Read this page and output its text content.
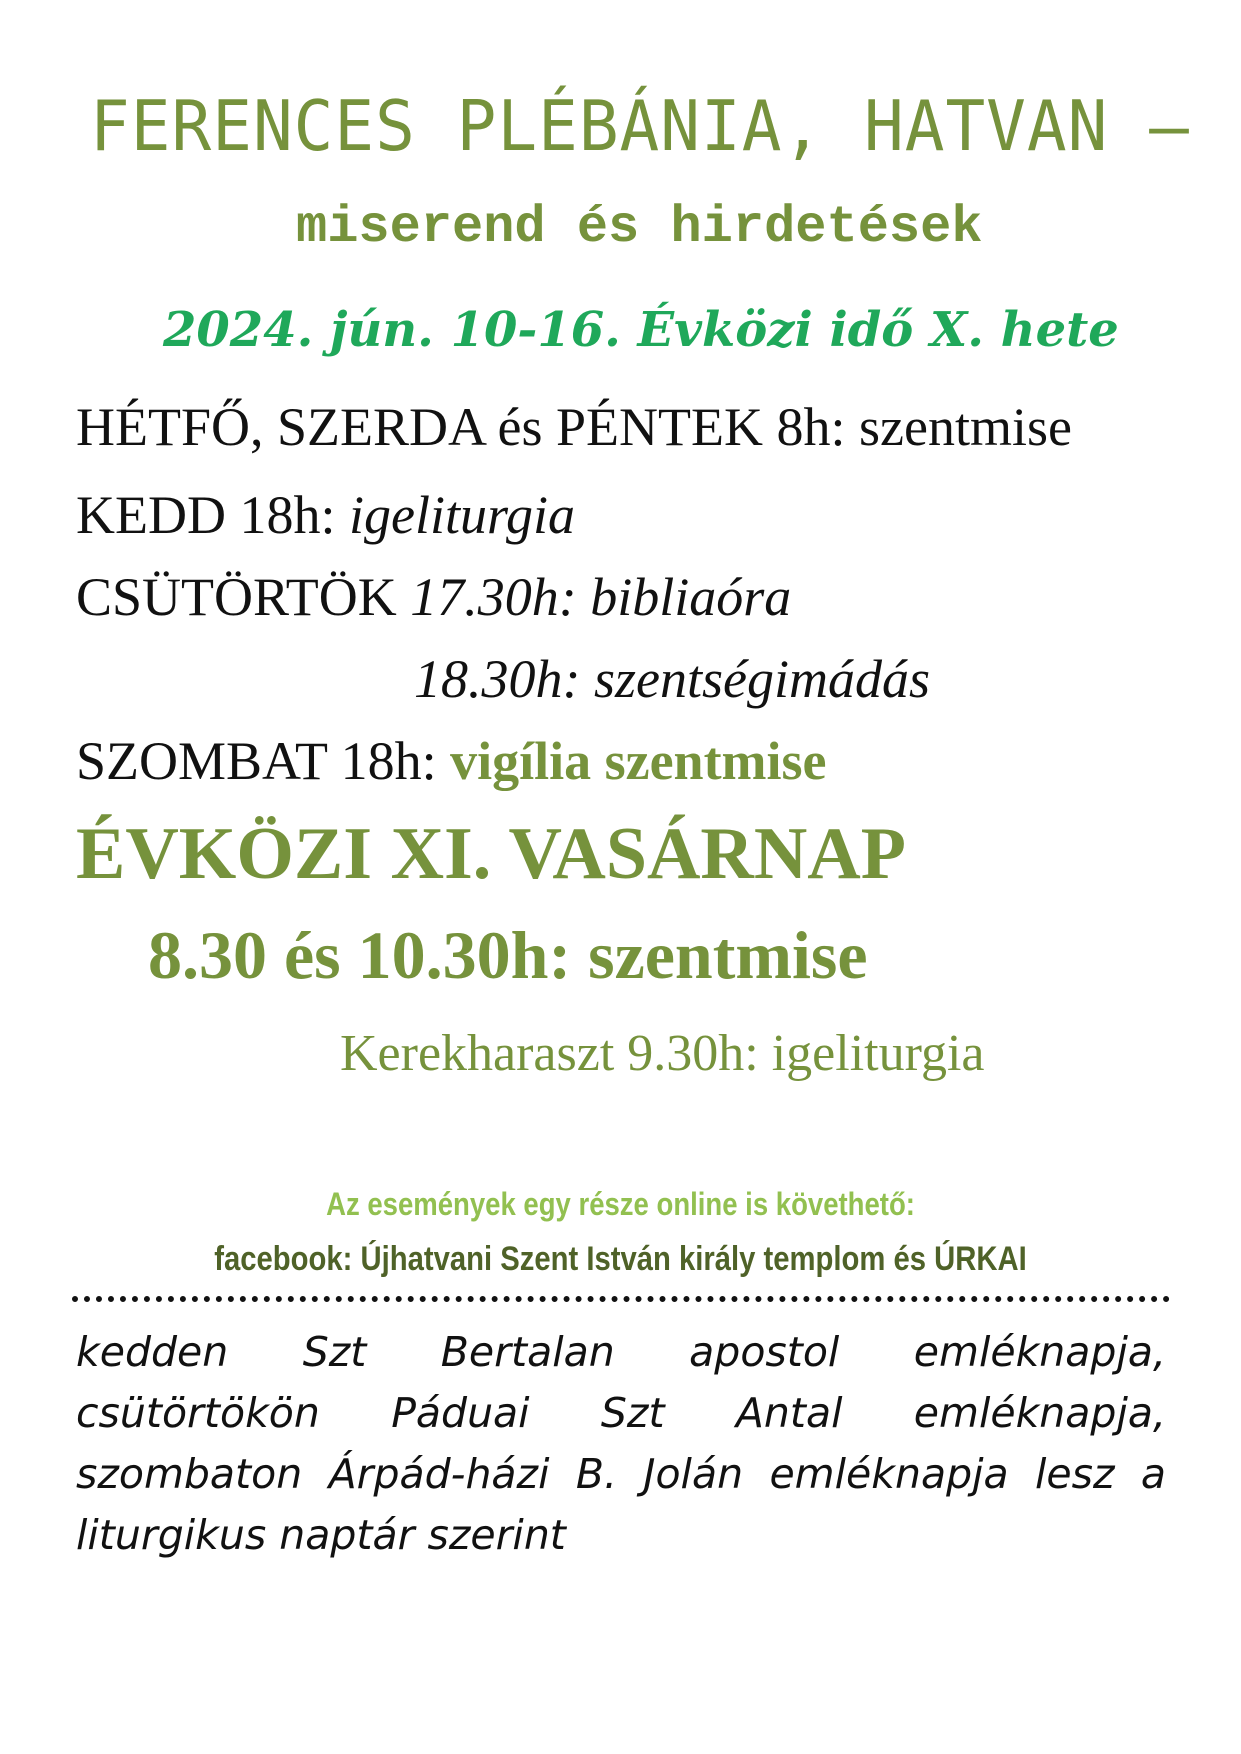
FERENCES PLÉBÁNIA, HATVAN –
miserend és hirdetések
2024. jún. 10-16. Évközi idő X. hete
HÉTFŐ, SZERDA és PÉNTEK 8h: szentmise
KEDD 18h: igeliturgia
CSÜTÖRTÖK 17.30h: bibliaóra
18.30h: szentségimádás
SZOMBAT 18h: vigília szentmise
ÉVKÖZI XI. VASÁRNAP
8.30 és 10.30h: szentmise
Kerekharaszt 9.30h: igeliturgia
Az események egy része online is követhető:
facebook: Újhatvani Szent István király templom és ÚRKAI
kedden Szt Bertalan apostol emléknapja, csütörtökön Páduai Szt Antal emléknapja, szombaton Árpád-házi B. Jolán emléknapja lesz a liturgikus naptár szerint
